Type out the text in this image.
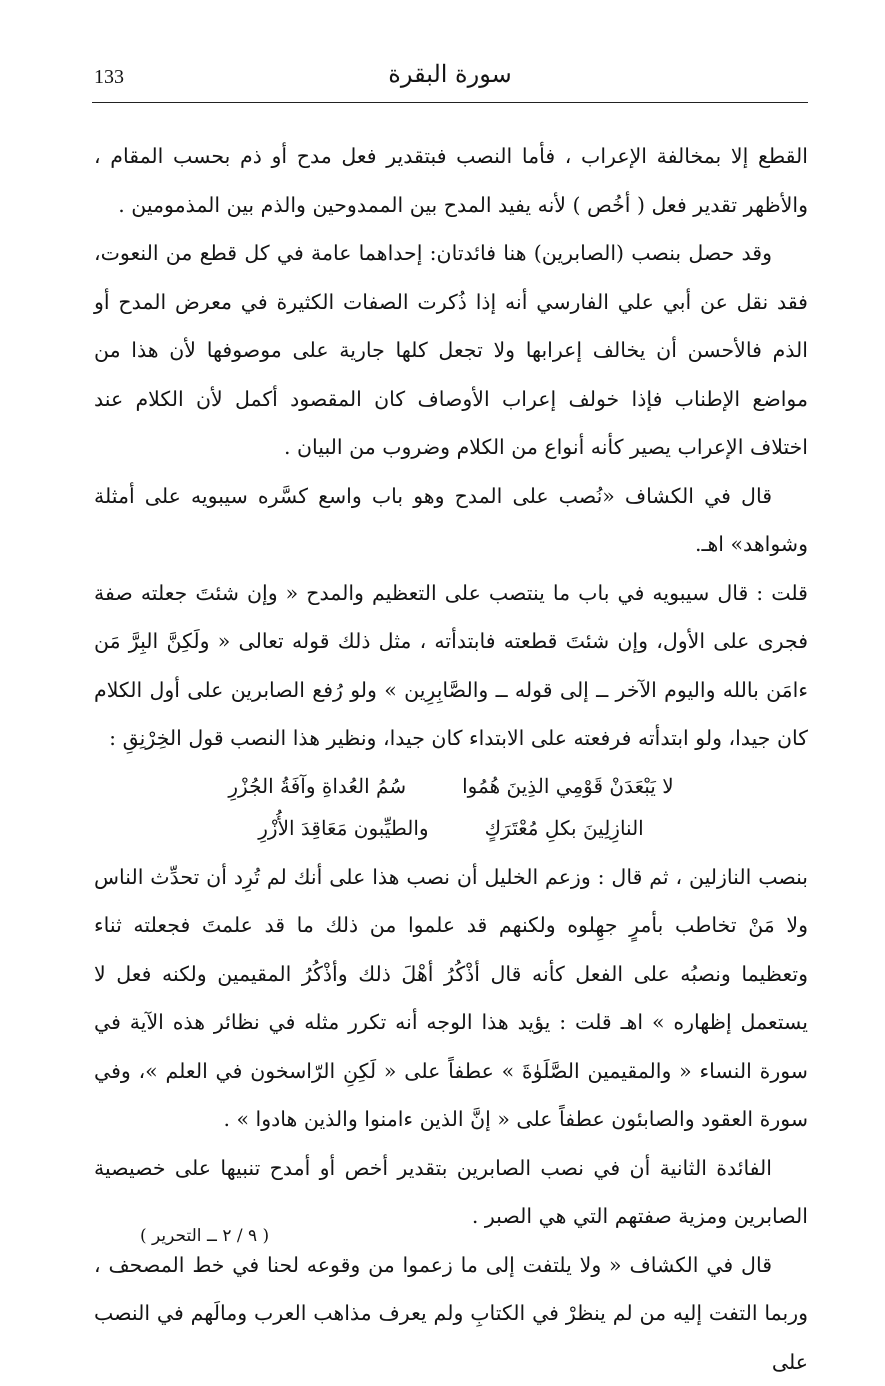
133	سورة البقرة

القطع إلا بمخالفة الإعراب ، فأما النصب فبتقدير فعل مدح أو ذم بحسب المقام ، والأظهر تقدير فعل ( أخُص ) لأنه يفيد المدح بين الممدوحين والذم بين المذمومين .

وقد حصل بنصب (الصابرين) هنا فائدتان: إحداهما عامة في كل قطع من النعوت، فقد نقل عن أبي علي الفارسي أنه إذا ذُكرت الصفات الكثيرة في معرض المدح أو الذم فالأحسن أن يخالف إعرابها ولا تجعل كلها جارية على موصوفها لأن هذا من مواضع الإطناب فإذا خولف إعراب الأوصاف كان المقصود أكمل لأن الكلام عند اختلاف الإعراب يصير كأنه أنواع من الكلام وضروب من البيان .

قال في الكشاف «نُصب على المدح وهو باب واسع كسَّره سيبويه على أمثلة وشواهد» اهـ.

قلت : قال سيبويه في باب ما ينتصب على التعظيم والمدح « وإن شئتَ جعلته صفة فجرى على الأول، وإن شئتَ قطعته فابتدأته ، مثل ذلك قوله تعالى « ولَكِنَّ البِرَّ مَن ءامَن بالله واليوم الآخر ــ إلى قوله ــ والصَّابِرِين » ولو رُفع الصابرين على أول الكلام كان جيدا، ولو ابتدأته فرفعته على الابتداء كان جيدا، ونظير هذا النصب قول الخِرْنِقِ :

لا يَبْعَدَنْ قَوْمِي الذِينَ هُمُوا
سُمُ العُداةِ وآفَةُ الجُزْرِ
النازِلِينَ بكلِ مُعْتَرَكٍ
والطيِّبون مَعَاقِدَ الأُزْرِ

بنصب النازلين ، ثم قال : وزعم الخليل أن نصب هذا على أنك لم تُرِد أن تحدِّث الناس ولا مَنْ تخاطب بأمرٍ جهِلوه ولكنهم قد علموا من ذلك ما قد علمتَ فجعلته ثناء وتعظيما ونصبُه على الفعل كأنه قال أذْكُرُ أهْلَ ذلك وأذْكُرُ المقيمين ولكنه فعل لا يستعمل إظهاره » اهـ قلت : يؤيد هذا الوجه أنه تكرر مثله في نظائر هذه الآية في سورة النساء « والمقيمين الصَّلَوٰةَ » عطفاً على « لَكِنِ الرّاسخون في العلم »، وفي سورة العقود والصابئون عطفاً على « إنَّ الذين ءامنوا والذين هادوا » .

الفائدة الثانية أن في نصب الصابرين بتقدير أخص أو أمدح تنبيها على خصيصية الصابرين ومزية صفتهم التي هي الصبر .

قال في الكشاف « ولا يلتفت إلى ما زعموا من وقوعه لحنا في خط المصحف ، وربما التفت إليه من لم ينظرْ في الكتابِ ولم يعرف مذاهب العرب ومالَهم في النصب على

( ٩ / ٢ ــ التحرير )
